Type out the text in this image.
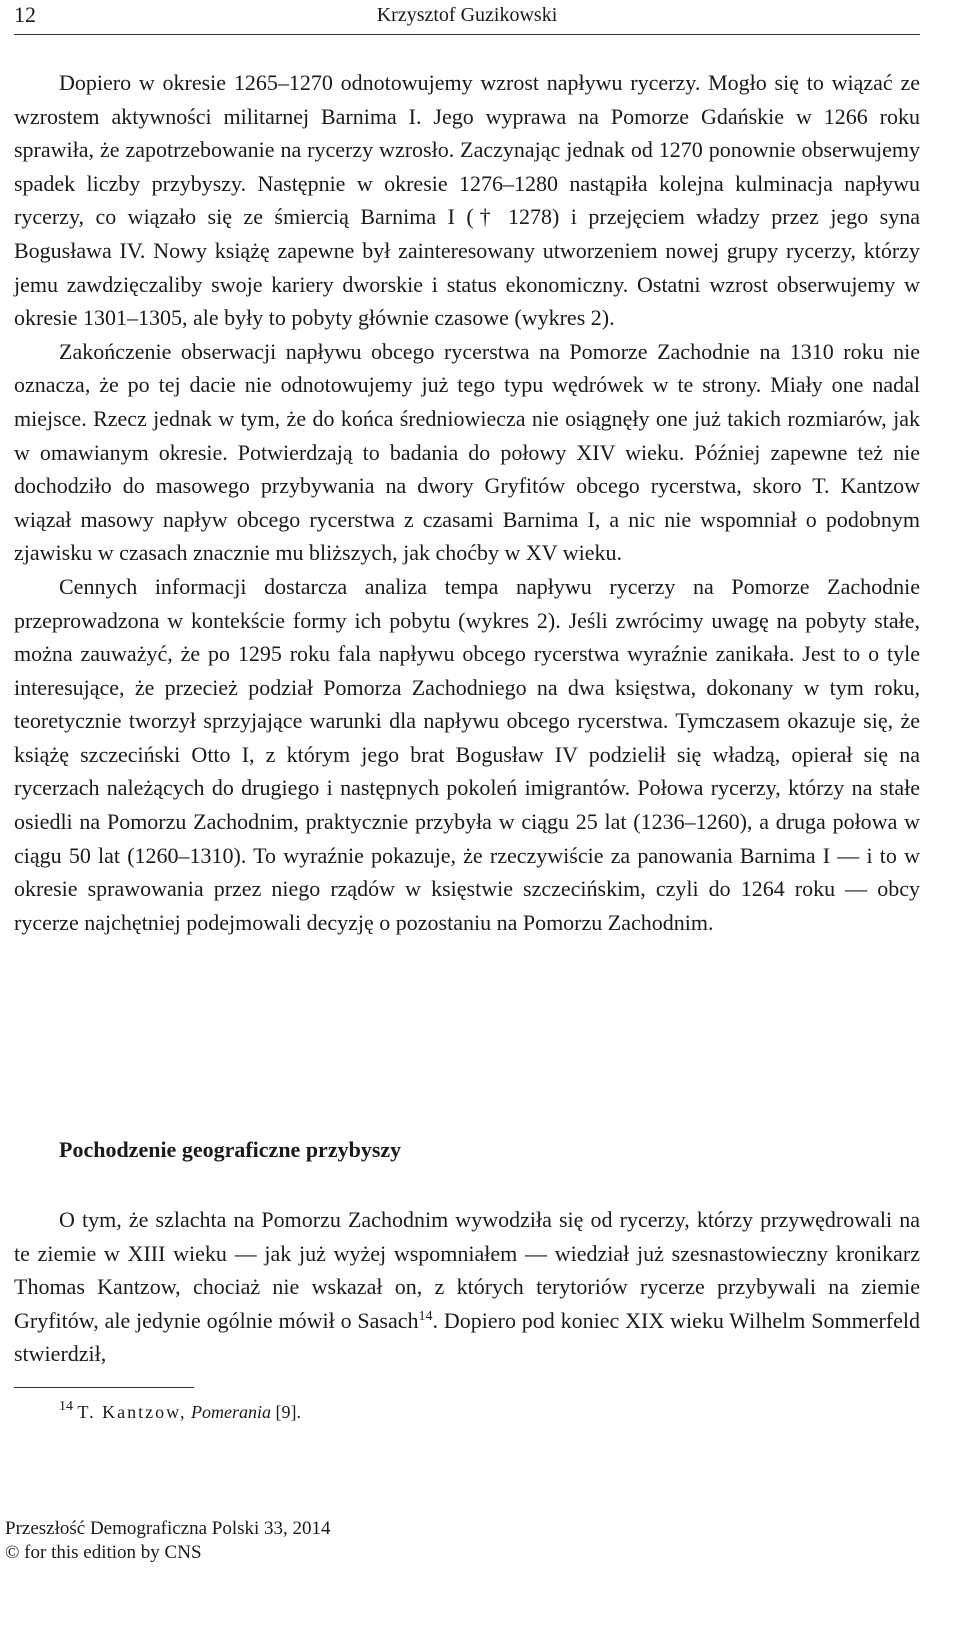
12	Krzysztof Guzikowski

Dopiero w okresie 1265–1270 odnotowujemy wzrost napływu rycerzy. Mogło się to wiązać ze wzrostem aktywności militarnej Barnima I. Jego wyprawa na Pomorze Gdańskie w 1266 roku sprawiła, że zapotrzebowanie na rycerzy wzrosło. Zaczynając jednak od 1270 ponownie obserwujemy spadek liczby przybyszy. Następnie w okresie 1276–1280 nastąpiła kolejna kulminacja napływu rycerzy, co wiązało się ze śmiercią Barnima I († 1278) i przejęciem władzy przez jego syna Bogusława IV. Nowy książę zapewne był zainteresowany utworzeniem nowej grupy rycerzy, którzy jemu zawdzięczaliby swoje kariery dworskie i status ekonomiczny. Ostatni wzrost obserwujemy w okresie 1301–1305, ale były to pobyty głównie czasowe (wykres 2).

Zakończenie obserwacji napływu obcego rycerstwa na Pomorze Zachodnie na 1310 roku nie oznacza, że po tej dacie nie odnotowujemy już tego typu wędrówek w te strony. Miały one nadal miejsce. Rzecz jednak w tym, że do końca średniowiecza nie osiągnęły one już takich rozmiarów, jak w omawianym okresie. Potwierdzają to badania do połowy XIV wieku. Później zapewne też nie dochodziło do masowego przybywania na dwory Gryfitów obcego rycerstwa, skoro T. Kantzow wiązał masowy napływ obcego rycerstwa z czasami Barnima I, a nic nie wspomniał o podobnym zjawisku w czasach znacznie mu bliższych, jak choćby w XV wieku.

Cennych informacji dostarcza analiza tempa napływu rycerzy na Pomorze Zachodnie przeprowadzona w kontekście formy ich pobytu (wykres 2). Jeśli zwrócimy uwagę na pobyty stałe, można zauważyć, że po 1295 roku fala napływu obcego rycerstwa wyraźnie zanikała. Jest to o tyle interesujące, że przecież podział Pomorza Zachodniego na dwa księstwa, dokonany w tym roku, teoretycznie tworzył sprzyjające warunki dla napływu obcego rycerstwa. Tymczasem okazuje się, że książę szczeciński Otto I, z którym jego brat Bogusław IV podzielił się władzą, opierał się na rycerzach należących do drugiego i następnych pokoleń imigrantów. Połowa rycerzy, którzy na stałe osiedli na Pomorzu Zachodnim, praktycznie przybyła w ciągu 25 lat (1236–1260), a druga połowa w ciągu 50 lat (1260–1310). To wyraźnie pokazuje, że rzeczywiście za panowania Barnima I — i to w okresie sprawowania przez niego rządów w księstwie szczecińskim, czyli do 1264 roku — obcy rycerze najchętniej podejmowali decyzję o pozostaniu na Pomorzu Zachodnim.

Pochodzenie geograficzne przybyszy

O tym, że szlachta na Pomorzu Zachodnim wywodziła się od rycerzy, którzy przywędrowali na te ziemie w XIII wieku — jak już wyżej wspomniałem — wiedział już szesnastowieczny kronikarz Thomas Kantzow, chociaż nie wskazał on, z których terytoriów rycerze przybywali na ziemie Gryfitów, ale jedynie ogólnie mówił o Sasach$^{14}$. Dopiero pod koniec XIX wieku Wilhelm Sommerfeld stwierdził,

$^{14}$ T. Kantzow, Pomerania [9].
Przeszłość Demograficzna Polski 33, 2014
© for this edition by CNS
